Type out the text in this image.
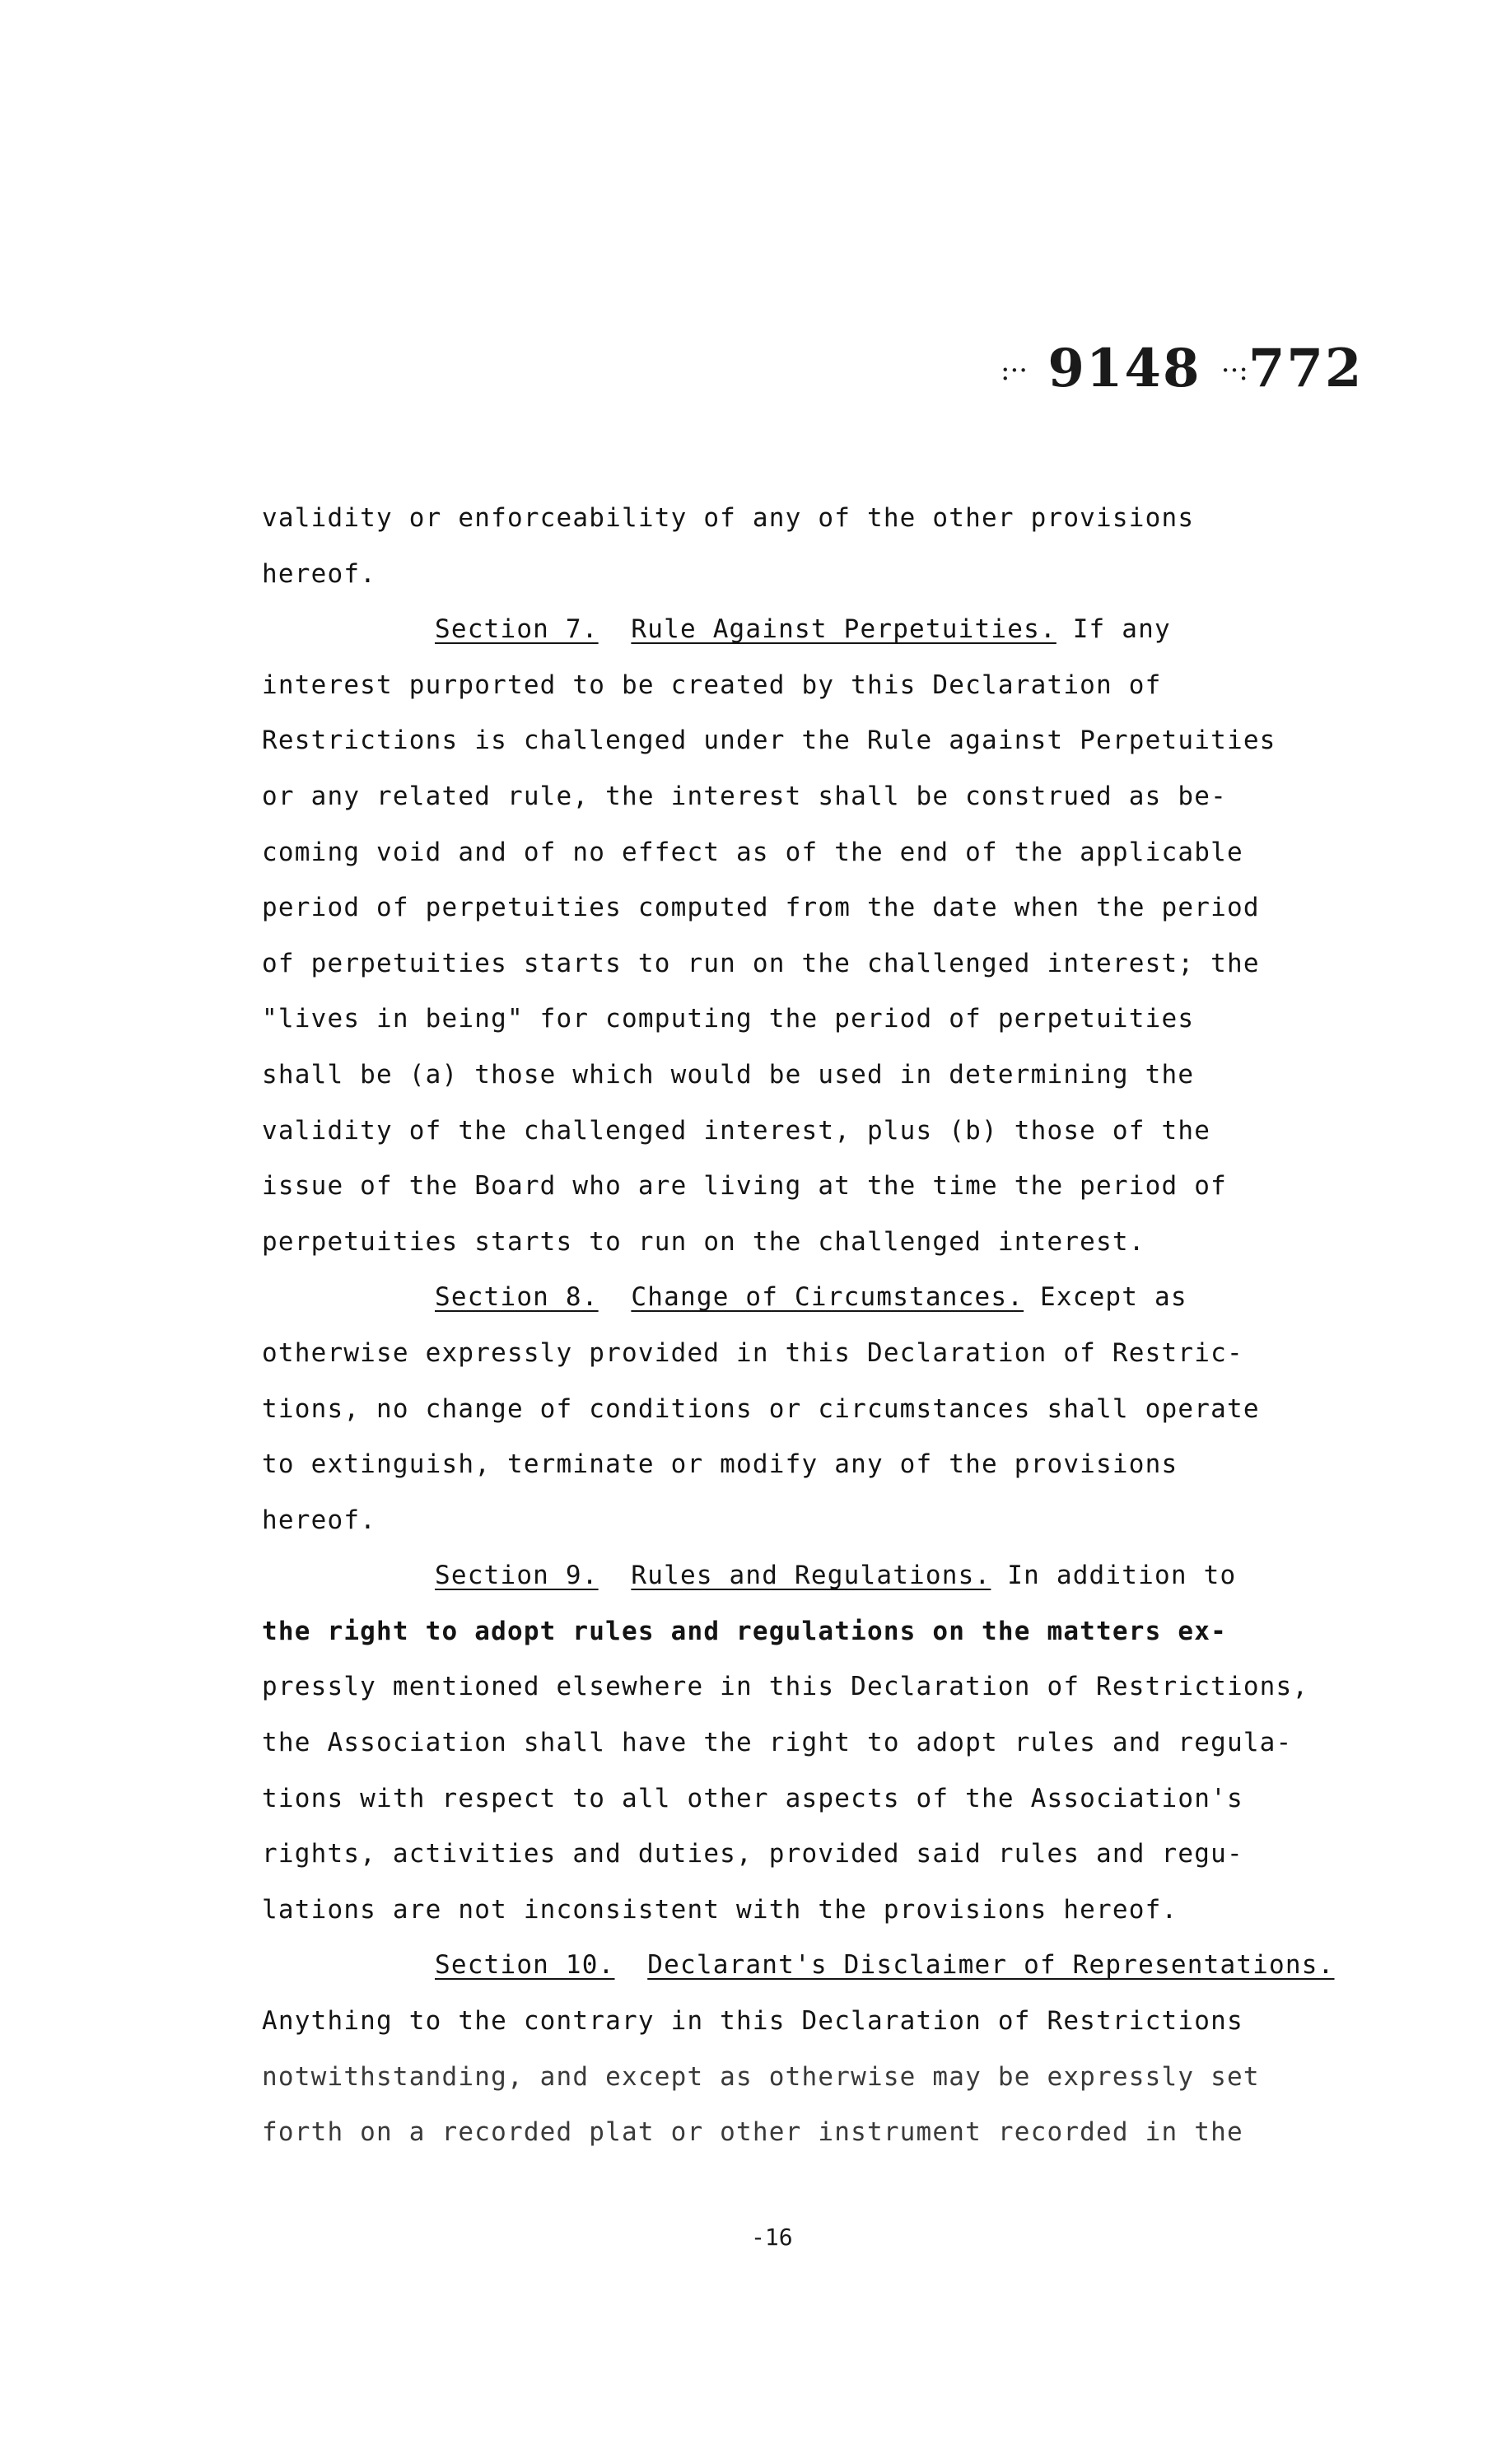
:·· 9148 ··:772
validity or enforceability of any of the other provisions
hereof.
Section 7. Rule Against Perpetuities. If any
interest purported to be created by this Declaration of
Restrictions is challenged under the Rule against Perpetuities
or any related rule, the interest shall be construed as be-
coming void and of no effect as of the end of the applicable
period of perpetuities computed from the date when the period
of perpetuities starts to run on the challenged interest; the
"lives in being" for computing the period of perpetuities
shall be (a) those which would be used in determining the
validity of the challenged interest, plus (b) those of the
issue of the Board who are living at the time the period of
perpetuities starts to run on the challenged interest.
Section 8. Change of Circumstances. Except as
otherwise expressly provided in this Declaration of Restric-
tions, no change of conditions or circumstances shall operate
to extinguish, terminate or modify any of the provisions
hereof.
Section 9. Rules and Regulations. In addition to
the right to adopt rules and regulations on the matters ex-
pressly mentioned elsewhere in this Declaration of Restrictions,
the Association shall have the right to adopt rules and regula-
tions with respect to all other aspects of the Association's
rights, activities and duties, provided said rules and regu-
lations are not inconsistent with the provisions hereof.
Section 10. Declarant's Disclaimer of Representations.
Anything to the contrary in this Declaration of Restrictions
notwithstanding, and except as otherwise may be expressly set
forth on a recorded plat or other instrument recorded in the
-16
